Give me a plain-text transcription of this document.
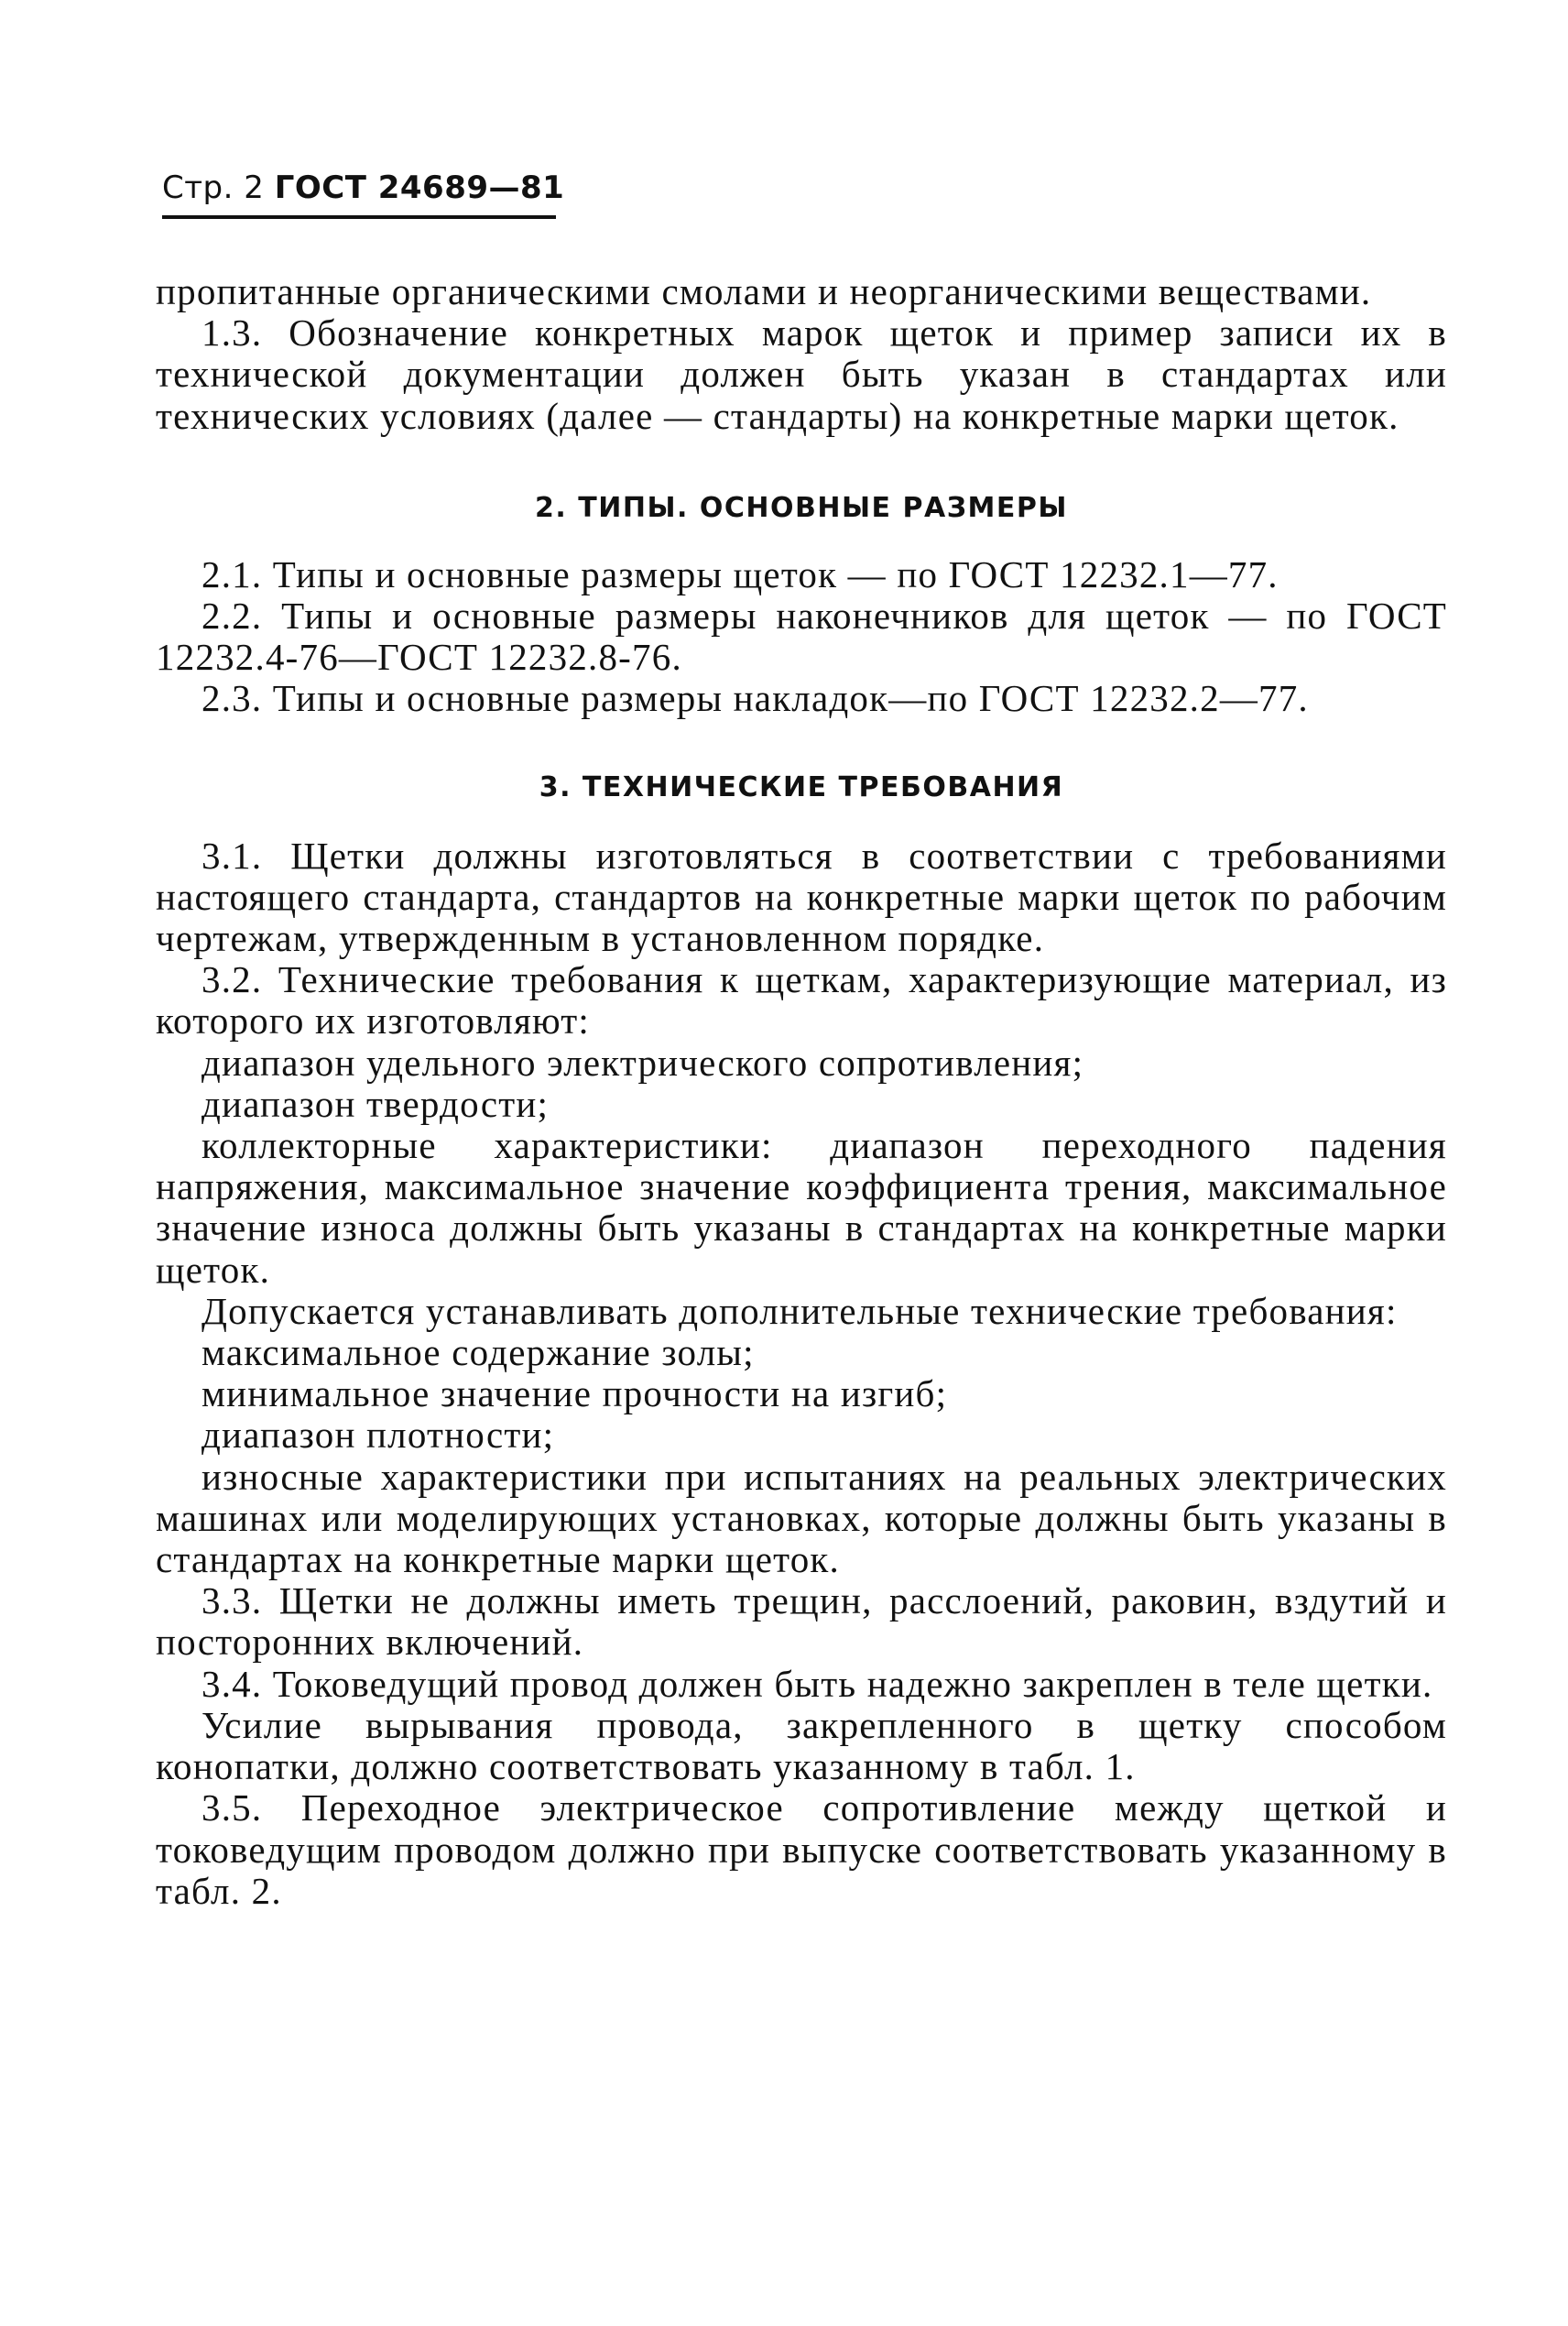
Стр. 2 ГОСТ 24689—81

пропитанные органическими смолами и неорганическими веществами.

1.3. Обозначение конкретных марок щеток и пример записи их в технической документации должен быть указан в стандартах или технических условиях (далее — стандарты) на конкретные марки щеток.

2. ТИПЫ. ОСНОВНЫЕ РАЗМЕРЫ

2.1. Типы и основные размеры щеток — по ГОСТ 12232.1—77.

2.2. Типы и основные размеры наконечников для щеток — по ГОСТ 12232.4-76—ГОСТ 12232.8-76.

2.3. Типы и основные размеры накладок—по ГОСТ 12232.2—77.

3. ТЕХНИЧЕСКИЕ ТРЕБОВАНИЯ

3.1. Щетки должны изготовляться в соответствии с требованиями настоящего стандарта, стандартов на конкретные марки щеток по рабочим чертежам, утвержденным в установленном порядке.

3.2. Технические требования к щеткам, характеризующие материал, из которого их изготовляют:

диапазон удельного электрического сопротивления;

диапазон твердости;

коллекторные характеристики: диапазон переходного падения напряжения, максимальное значение коэффициента трения, максимальное значение износа должны быть указаны в стандартах на конкретные марки щеток.

Допускается устанавливать дополнительные технические требования:

максимальное содержание золы;

минимальное значение прочности на изгиб;

диапазон плотности;

износные характеристики при испытаниях на реальных электрических машинах или моделирующих установках, которые должны быть указаны в стандартах на конкретные марки щеток.

3.3. Щетки не должны иметь трещин, расслоений, раковин, вздутий и посторонних включений.

3.4. Токоведущий провод должен быть надежно закреплен в теле щетки.

Усилие вырывания провода, закрепленного в щетку способом конопатки, должно соответствовать указанному в табл. 1.

3.5. Переходное электрическое сопротивление между щеткой и токоведущим проводом должно при выпуске соответствовать указанному в табл. 2.
